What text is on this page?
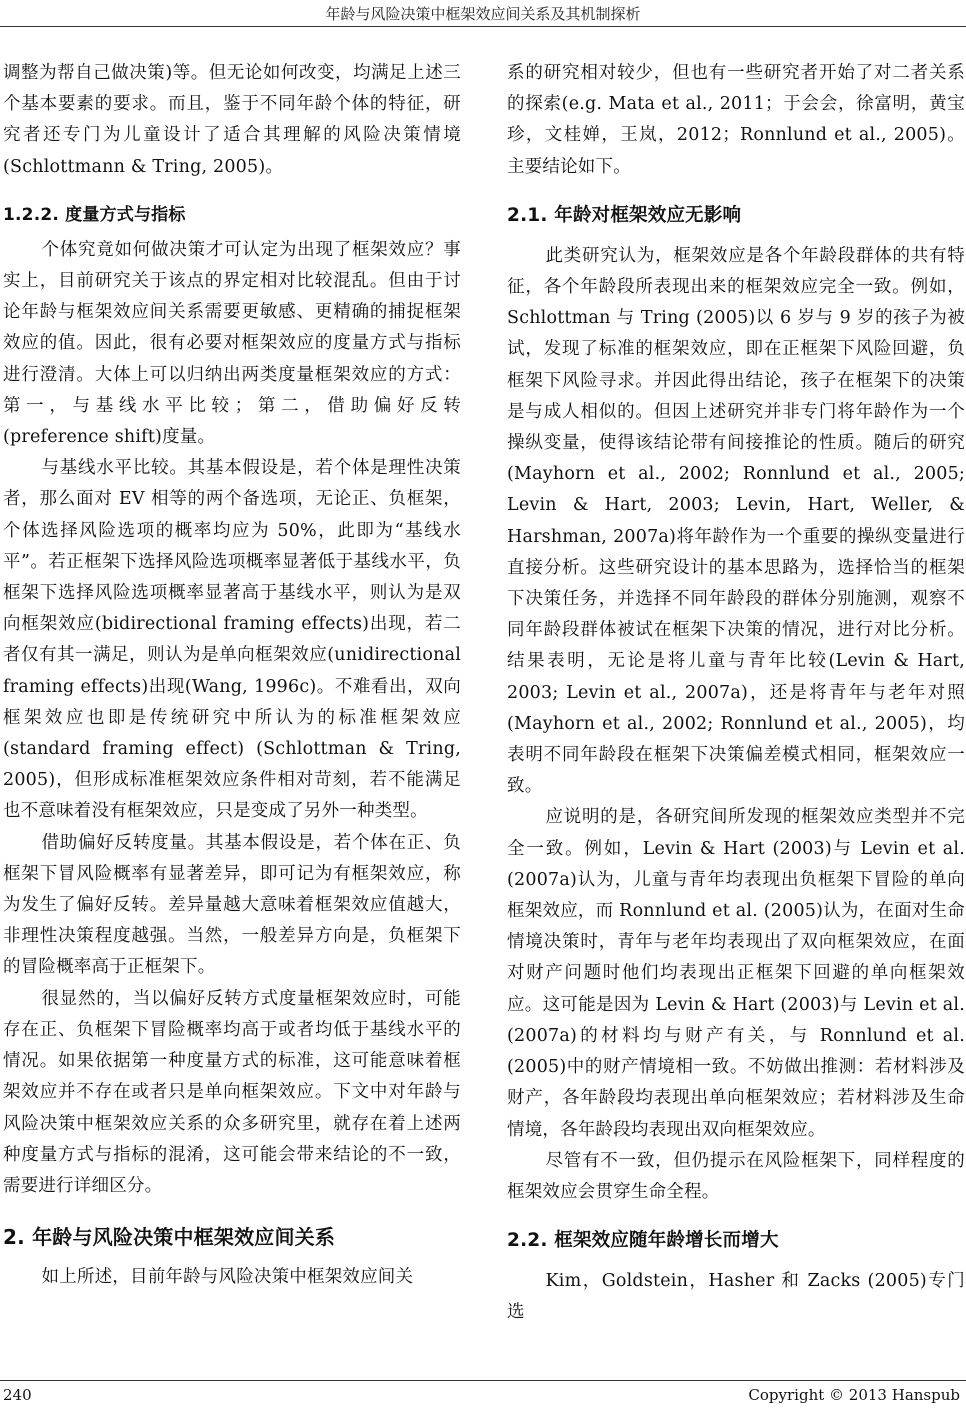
年龄与风险决策中框架效应间关系及其机制探析

调整为帮自己做决策)等。但无论如何改变，均满足上述三个基本要素的要求。而且，鉴于不同年龄个体的特征，研究者还专门为儿童设计了适合其理解的风险决策情境(Schlottmann & Tring, 2005)。

1.2.2. 度量方式与指标

个体究竟如何做决策才可认定为出现了框架效应？事实上，目前研究关于该点的界定相对比较混乱。但由于讨论年龄与框架效应间关系需要更敏感、更精确的捕捉框架效应的值。因此，很有必要对框架效应的度量方式与指标进行澄清。大体上可以归纳出两类度量框架效应的方式：第一，与基线水平比较；第二，借助偏好反转(preference shift)度量。

与基线水平比较。其基本假设是，若个体是理性决策者，那么面对 EV 相等的两个备选项，无论正、负框架，个体选择风险选项的概率均应为 50%，此即为“基线水平”。若正框架下选择风险选项概率显著低于基线水平，负框架下选择风险选项概率显著高于基线水平，则认为是双向框架效应(bidirectional framing effects)出现，若二者仅有其一满足，则认为是单向框架效应(unidirectional framing effects)出现(Wang, 1996c)。不难看出，双向框架效应也即是传统研究中所认为的标准框架效应(standard framing effect) (Schlottman & Tring, 2005)，但形成标准框架效应条件相对苛刻，若不能满足也不意味着没有框架效应，只是变成了另外一种类型。

借助偏好反转度量。其基本假设是，若个体在正、负框架下冒风险概率有显著差异，即可记为有框架效应，称为发生了偏好反转。差异量越大意味着框架效应值越大，非理性决策程度越强。当然，一般差异方向是，负框架下的冒险概率高于正框架下。

很显然的，当以偏好反转方式度量框架效应时，可能存在正、负框架下冒险概率均高于或者均低于基线水平的情况。如果依据第一种度量方式的标准，这可能意味着框架效应并不存在或者只是单向框架效应。下文中对年龄与风险决策中框架效应关系的众多研究里，就存在着上述两种度量方式与指标的混淆，这可能会带来结论的不一致，需要进行详细区分。

2. 年龄与风险决策中框架效应间关系

如上所述，目前年龄与风险决策中框架效应间关

系的研究相对较少，但也有一些研究者开始了对二者关系的探索(e.g. Mata et al., 2011；于会会，徐富明，黄宝珍，文桂婵，王岚，2012；Ronnlund et al., 2005)。主要结论如下。

2.1. 年龄对框架效应无影响

此类研究认为，框架效应是各个年龄段群体的共有特征，各个年龄段所表现出来的框架效应完全一致。例如，Schlottman 与 Tring (2005)以 6 岁与 9 岁的孩子为被试，发现了标准的框架效应，即在正框架下风险回避，负框架下风险寻求。并因此得出结论，孩子在框架下的决策是与成人相似的。但因上述研究并非专门将年龄作为一个操纵变量，使得该结论带有间接推论的性质。随后的研究(Mayhorn et al., 2002; Ronnlund et al., 2005; Levin & Hart, 2003; Levin, Hart, Weller, & Harshman, 2007a)将年龄作为一个重要的操纵变量进行直接分析。这些研究设计的基本思路为，选择恰当的框架下决策任务，并选择不同年龄段的群体分别施测，观察不同年龄段群体被试在框架下决策的情况，进行对比分析。结果表明，无论是将儿童与青年比较(Levin & Hart, 2003; Levin et al., 2007a)，还是将青年与老年对照(Mayhorn et al., 2002; Ronnlund et al., 2005)，均表明不同年龄段在框架下决策偏差模式相同，框架效应一致。

应说明的是，各研究间所发现的框架效应类型并不完全一致。例如，Levin & Hart (2003)与 Levin et al. (2007a)认为，儿童与青年均表现出负框架下冒险的单向框架效应，而 Ronnlund et al. (2005)认为，在面对生命情境决策时，青年与老年均表现出了双向框架效应，在面对财产问题时他们均表现出正框架下回避的单向框架效应。这可能是因为 Levin & Hart (2003)与 Levin et al. (2007a)的材料均与财产有关，与 Ronnlund et al. (2005)中的财产情境相一致。不妨做出推测：若材料涉及财产，各年龄段均表现出单向框架效应；若材料涉及生命情境，各年龄段均表现出双向框架效应。

尽管有不一致，但仍提示在风险框架下，同样程度的框架效应会贯穿生命全程。

2.2. 框架效应随年龄增长而增大

Kim，Goldstein，Hasher 和 Zacks (2005)专门选

240	Copyright © 2013 Hanspub
